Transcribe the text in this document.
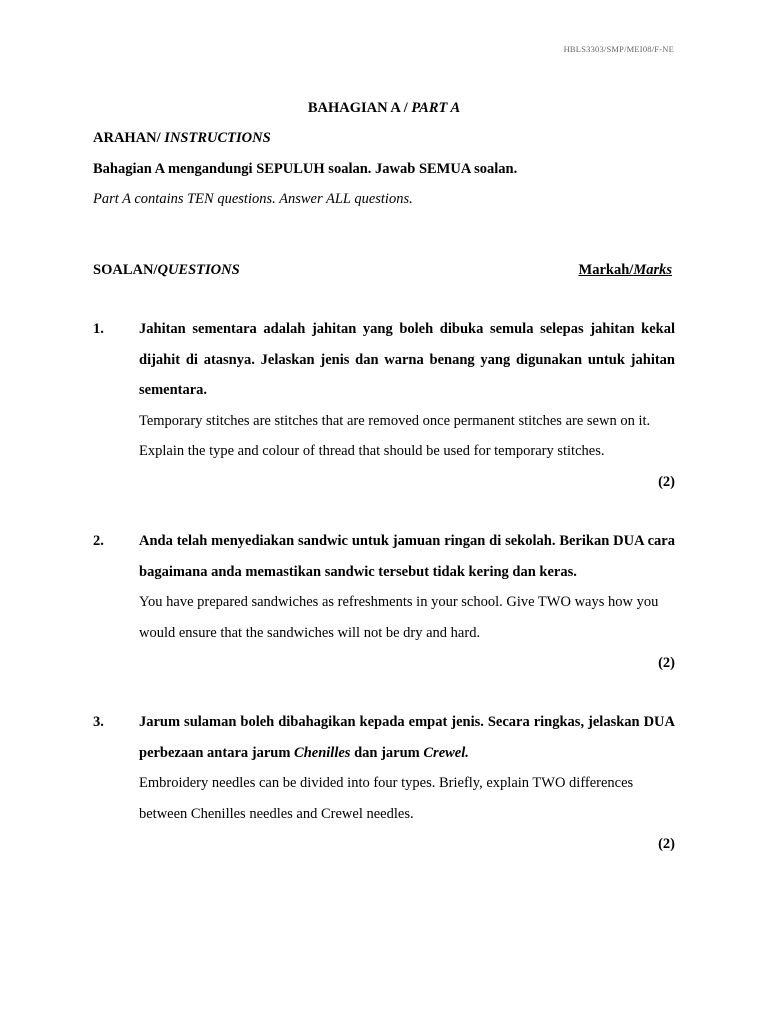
HBLS3303/SMP/MEI08/F-NE
BAHAGIAN A / PART A
ARAHAN/ INSTRUCTIONS
Bahagian A mengandungi SEPULUH soalan. Jawab SEMUA soalan.
Part A contains TEN questions. Answer ALL questions.
SOALAN/QUESTIONS	Markah/Marks
1. Jahitan sementara adalah jahitan yang boleh dibuka semula selepas jahitan kekal dijahit di atasnya. Jelaskan jenis dan warna benang yang digunakan untuk jahitan sementara.
Temporary stitches are stitches that are removed once permanent stitches are sewn on it. Explain the type and colour of thread that should be used for temporary stitches.
(2)
2. Anda telah menyediakan sandwic untuk jamuan ringan di sekolah. Berikan DUA cara bagaimana anda memastikan sandwic tersebut tidak kering dan keras.
You have prepared sandwiches as refreshments in your school. Give TWO ways how you would ensure that the sandwiches will not be dry and hard.
(2)
3. Jarum sulaman boleh dibahagikan kepada empat jenis. Secara ringkas, jelaskan DUA perbezaan antara jarum Chenilles dan jarum Crewel.
Embroidery needles can be divided into four types. Briefly, explain TWO differences between Chenilles needles and Crewel needles.
(2)
